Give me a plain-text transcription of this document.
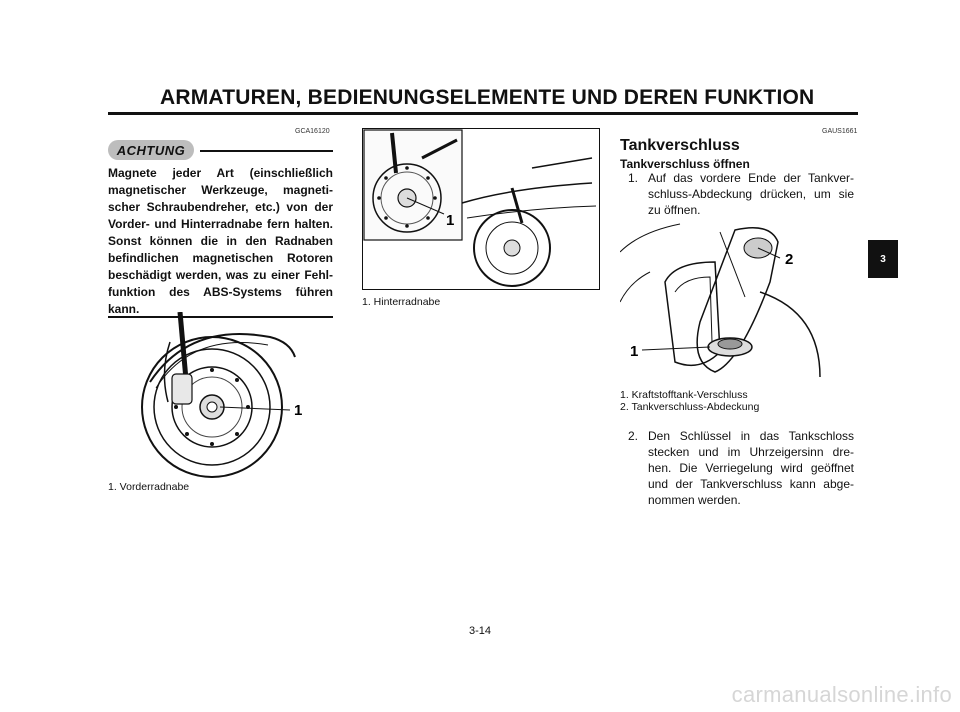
ARMATUREN, BEDIENUNGSELEMENTE UND DEREN FUNKTION
GCA16120
ACHTUNG
Magnete jeder Art (einschließlich magnetischer Werkzeuge, magneti-scher Schraubendreher, etc.) von der Vorder- und Hinterradnabe fern halten. Sonst können die in den Radnaben befindlichen magnetischen Rotoren beschädigt werden, was zu einer Fehl-funktion des ABS-Systems führen kann.
1
1. Vorderradnabe
1
1. Hinterradnabe
GAUS1661
Tankverschluss
Tankverschluss öffnen
1. Auf das vordere Ende der Tankver-schluss-Abdeckung drücken, um sie zu öffnen.
1
2
1. Kraftstofftank-Verschluss
2. Tankverschluss-Abdeckung
2. Den Schlüssel in das Tankschloss stecken und im Uhrzeigersinn dre-hen. Die Verriegelung wird geöffnet und der Tankverschluss kann abge-nommen werden.
3
3-14
carmanualsonline.info
